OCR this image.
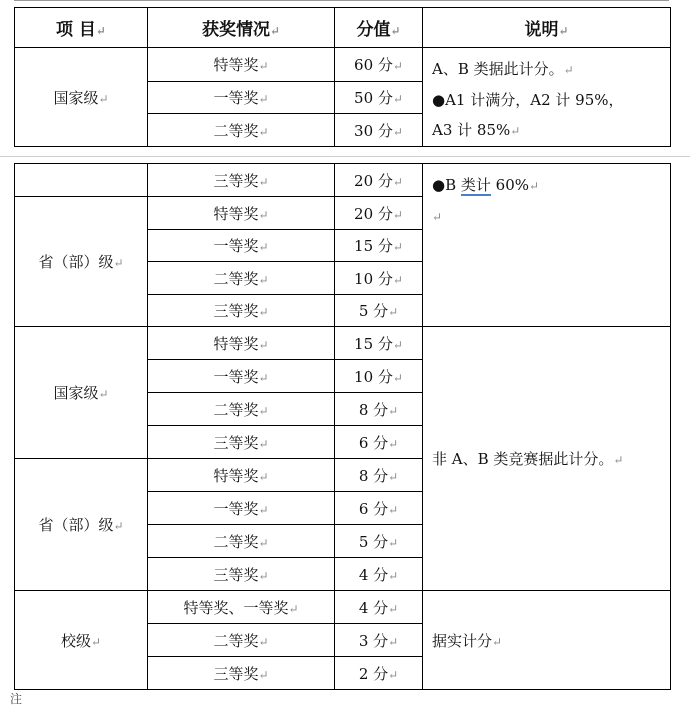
项 目↵	获奖情况↵	分值↵	说明↵
国家级↵	特等奖↵	60 分↵	A、B 类据此计分。↵
●A1 计满分，A2 计 95%，
A3 计 85%↵

	一等奖↵	50 分↵	
	二等奖↵	30 分↵	
	三等奖↵	20 分↵	●B 类计 60%↵
↵

省（部）级↵	特等奖↵	20 分↵	
	一等奖↵	15 分↵	
	二等奖↵	10 分↵	
	三等奖↵	5 分↵	
国家级↵	特等奖↵	15 分↵	非 A、B 类竞赛据此计分。↵
	一等奖↵	10 分↵	
	二等奖↵	8 分↵	
	三等奖↵	6 分↵	
省（部）级↵	特等奖↵	8 分↵	
	一等奖↵	6 分↵	
	二等奖↵	5 分↵	
	三等奖↵	4 分↵	
校级↵	特等奖、一等奖↵	4 分↵	据实计分↵
	二等奖↵	3 分↵	
	三等奖↵	2 分↵	
注
